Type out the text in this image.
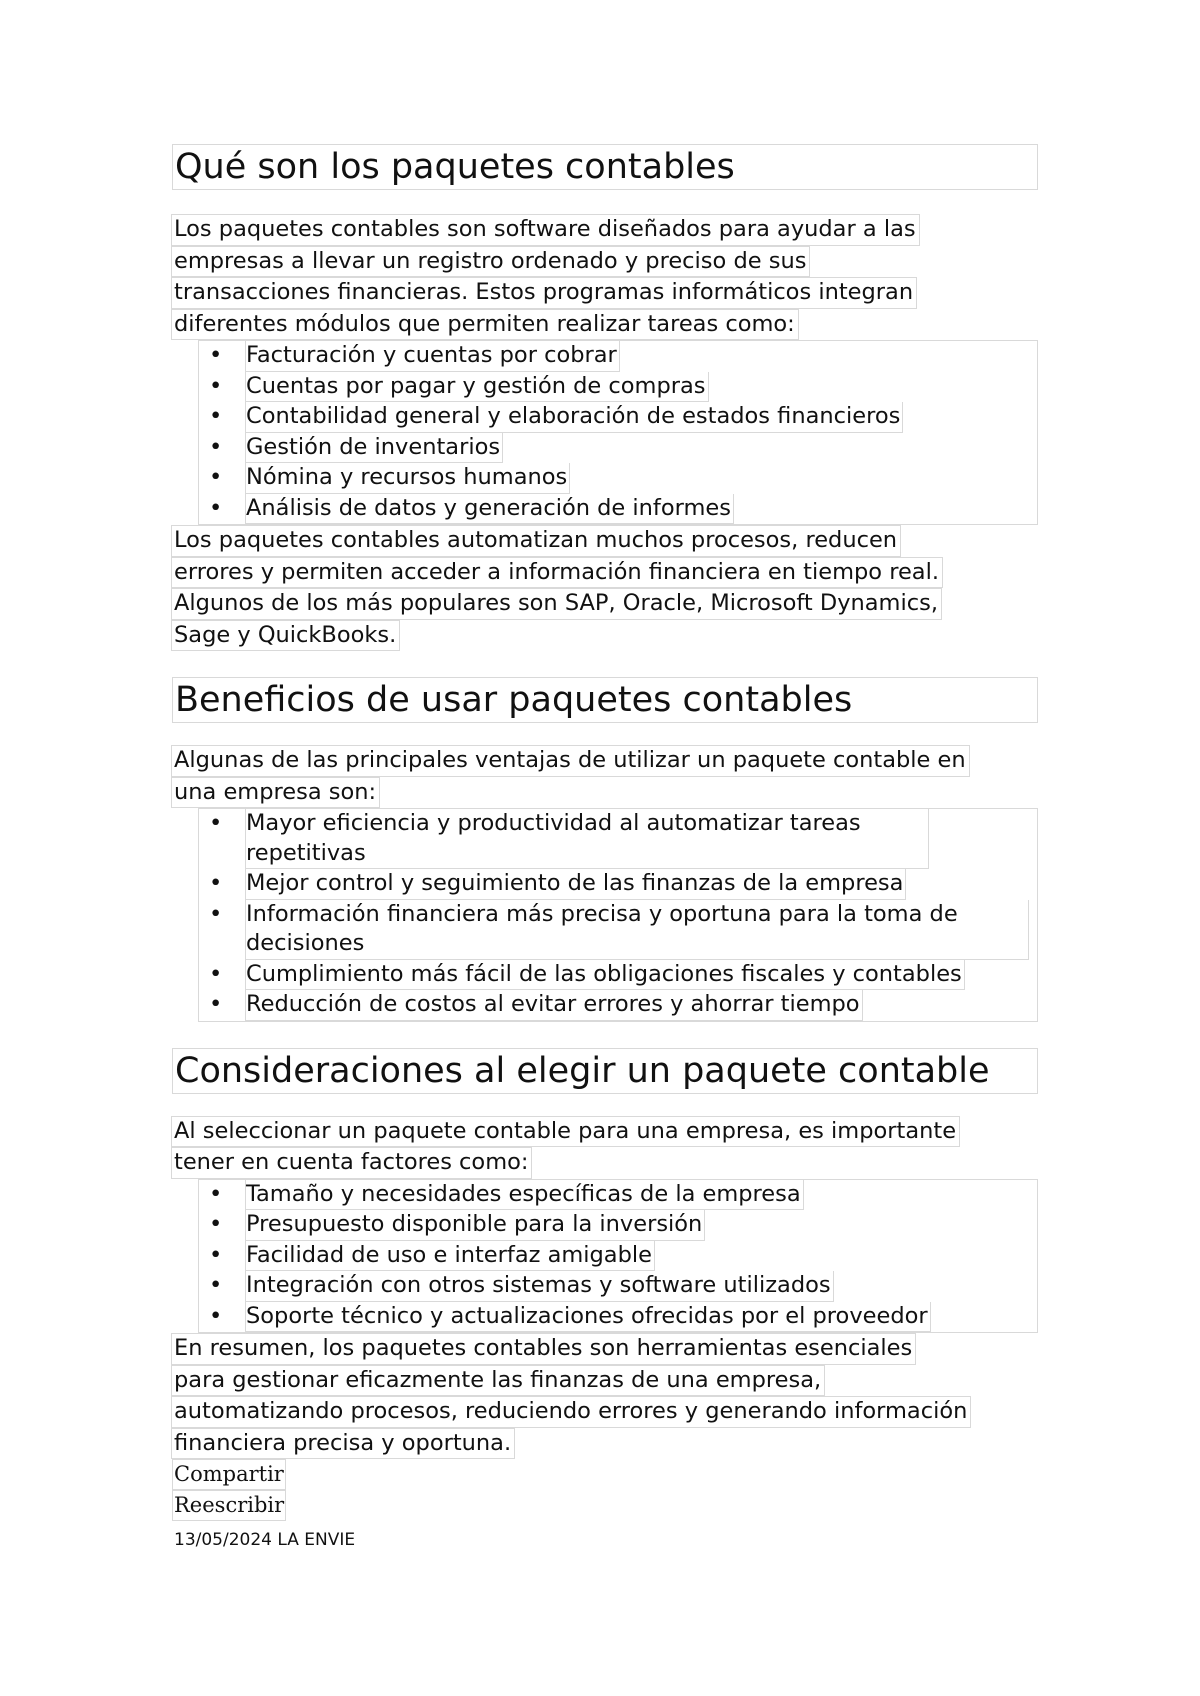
Qué son los paquetes contables
Los paquetes contables son software diseñados para ayudar a las
empresas a llevar un registro ordenado y preciso de sus
transacciones financieras. Estos programas informáticos integran
diferentes módulos que permiten realizar tareas como:
• Facturación y cuentas por cobrar
• Cuentas por pagar y gestión de compras
• Contabilidad general y elaboración de estados financieros
• Gestión de inventarios
• Nómina y recursos humanos
• Análisis de datos y generación de informes
Los paquetes contables automatizan muchos procesos, reducen
errores y permiten acceder a información financiera en tiempo real.
Algunos de los más populares son SAP, Oracle, Microsoft Dynamics,
Sage y QuickBooks.
Beneficios de usar paquetes contables
Algunas de las principales ventajas de utilizar un paquete contable en
una empresa son:
• Mayor eficiencia y productividad al automatizar tareas repetitivas
• Mejor control y seguimiento de las finanzas de la empresa
• Información financiera más precisa y oportuna para la toma de decisiones
• Cumplimiento más fácil de las obligaciones fiscales y contables
• Reducción de costos al evitar errores y ahorrar tiempo
Consideraciones al elegir un paquete contable
Al seleccionar un paquete contable para una empresa, es importante
tener en cuenta factores como:
• Tamaño y necesidades específicas de la empresa
• Presupuesto disponible para la inversión
• Facilidad de uso e interfaz amigable
• Integración con otros sistemas y software utilizados
• Soporte técnico y actualizaciones ofrecidas por el proveedor
En resumen, los paquetes contables son herramientas esenciales
para gestionar eficazmente las finanzas de una empresa,
automatizando procesos, reduciendo errores y generando información
financiera precisa y oportuna.
Compartir
Reescribir
13/05/2024 LA ENVIE
